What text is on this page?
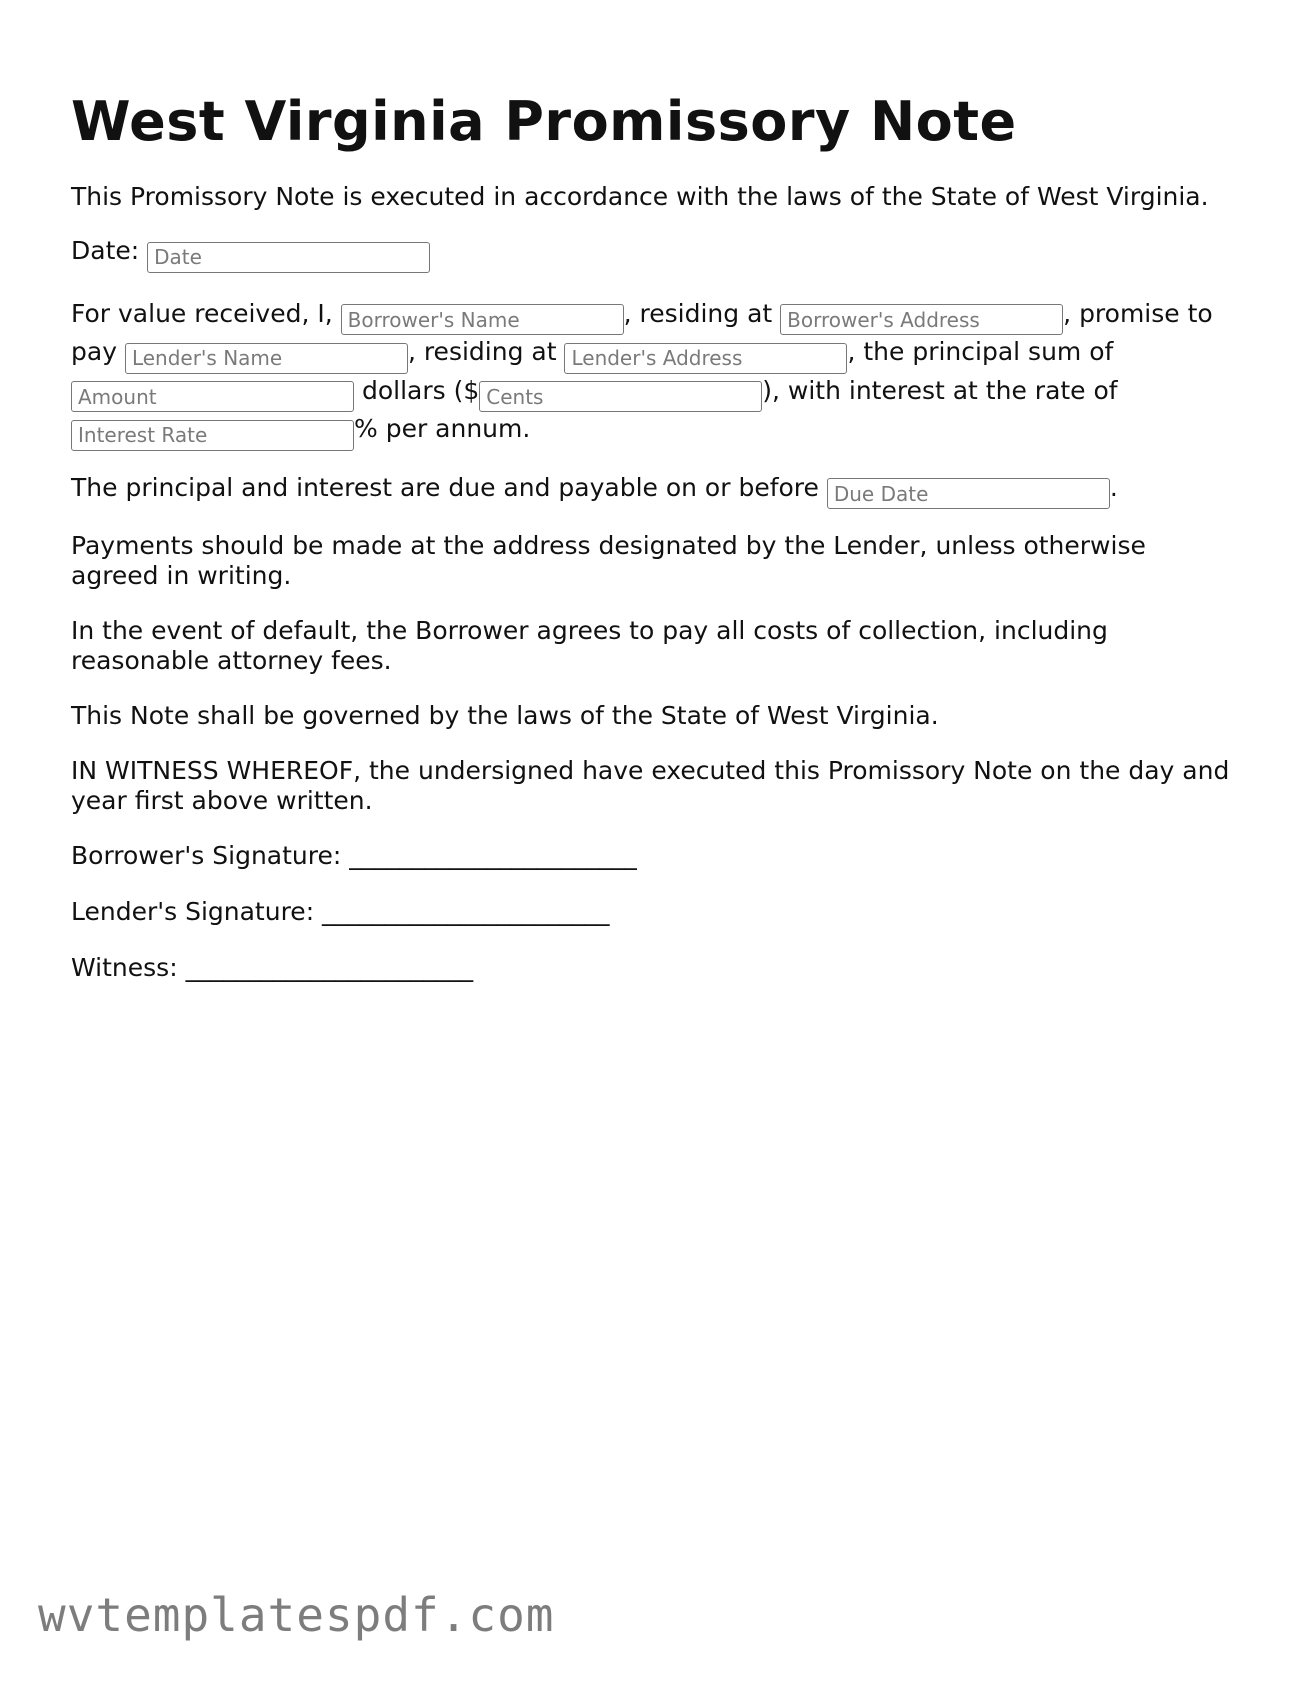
West Virginia Promissory Note

This Promissory Note is executed in accordance with the laws of the State of West Virginia.

Date: Date

For value received, I, Borrower's Name	, residing at Borrower's Address	, promise to pay Lender's Name	, residing at Lender's Address	, the principal sum of Amount dollars ($Cents	), with interest at the rate of Interest Rate% per annum.

The principal and interest are due and payable on or before Due Date	.

Payments should be made at the address designated by the Lender, unless otherwise agreed in writing.

In the event of default, the Borrower agrees to pay all costs of collection, including reasonable attorney fees.

This Note shall be governed by the laws of the State of West Virginia.

IN WITNESS WHEREOF, the undersigned have executed this Promissory Note on the day and year first above written.

Borrower's Signature: _______________________

Lender's Signature: _______________________

Witness: _______________________

wvtemplatespdf.com
